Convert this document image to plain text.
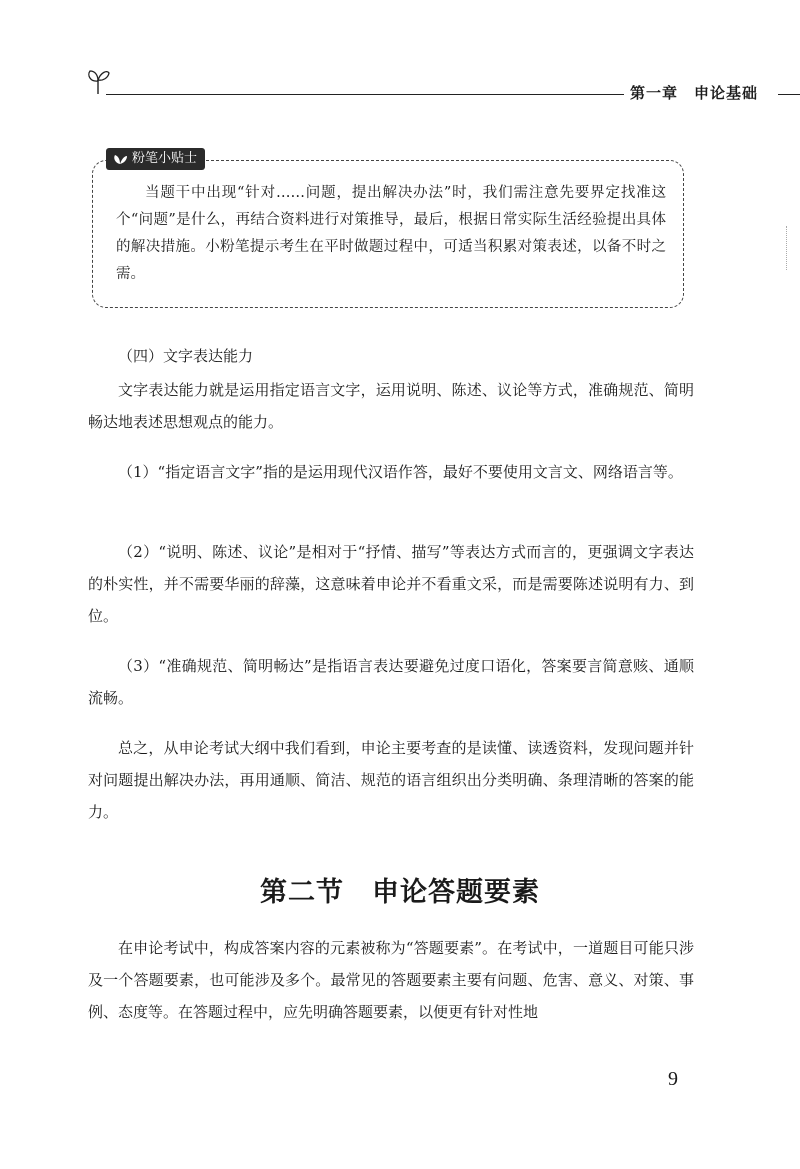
第一章　申论基础
粉笔小贴士
当题干中出现“针对……问题，提出解决办法”时，我们需注意先要界定找准这个“问题”是什么，再结合资料进行对策推导，最后，根据日常实际生活经验提出具体的解决措施。小粉笔提示考生在平时做题过程中，可适当积累对策表述，以备不时之需。
（四）文字表达能力

文字表达能力就是运用指定语言文字，运用说明、陈述、议论等方式，准确规范、简明畅达地表述思想观点的能力。

（1）“指定语言文字”指的是运用现代汉语作答，最好不要使用文言文、网络语言等。

（2）“说明、陈述、议论”是相对于“抒情、描写”等表达方式而言的，更强调文字表达的朴实性，并不需要华丽的辞藻，这意味着申论并不看重文采，而是需要陈述说明有力、到位。

（3）“准确规范、简明畅达”是指语言表达要避免过度口语化，答案要言简意赅、通顺流畅。

总之，从申论考试大纲中我们看到，申论主要考查的是读懂、读透资料，发现问题并针对问题提出解决办法，再用通顺、简洁、规范的语言组织出分类明确、条理清晰的答案的能力。

第二节　申论答题要素

在申论考试中，构成答案内容的元素被称为“答题要素”。在考试中，一道题目可能只涉及一个答题要素，也可能涉及多个。最常见的答题要素主要有问题、危害、意义、对策、事例、态度等。在答题过程中，应先明确答题要素，以便更有针对性地

9
